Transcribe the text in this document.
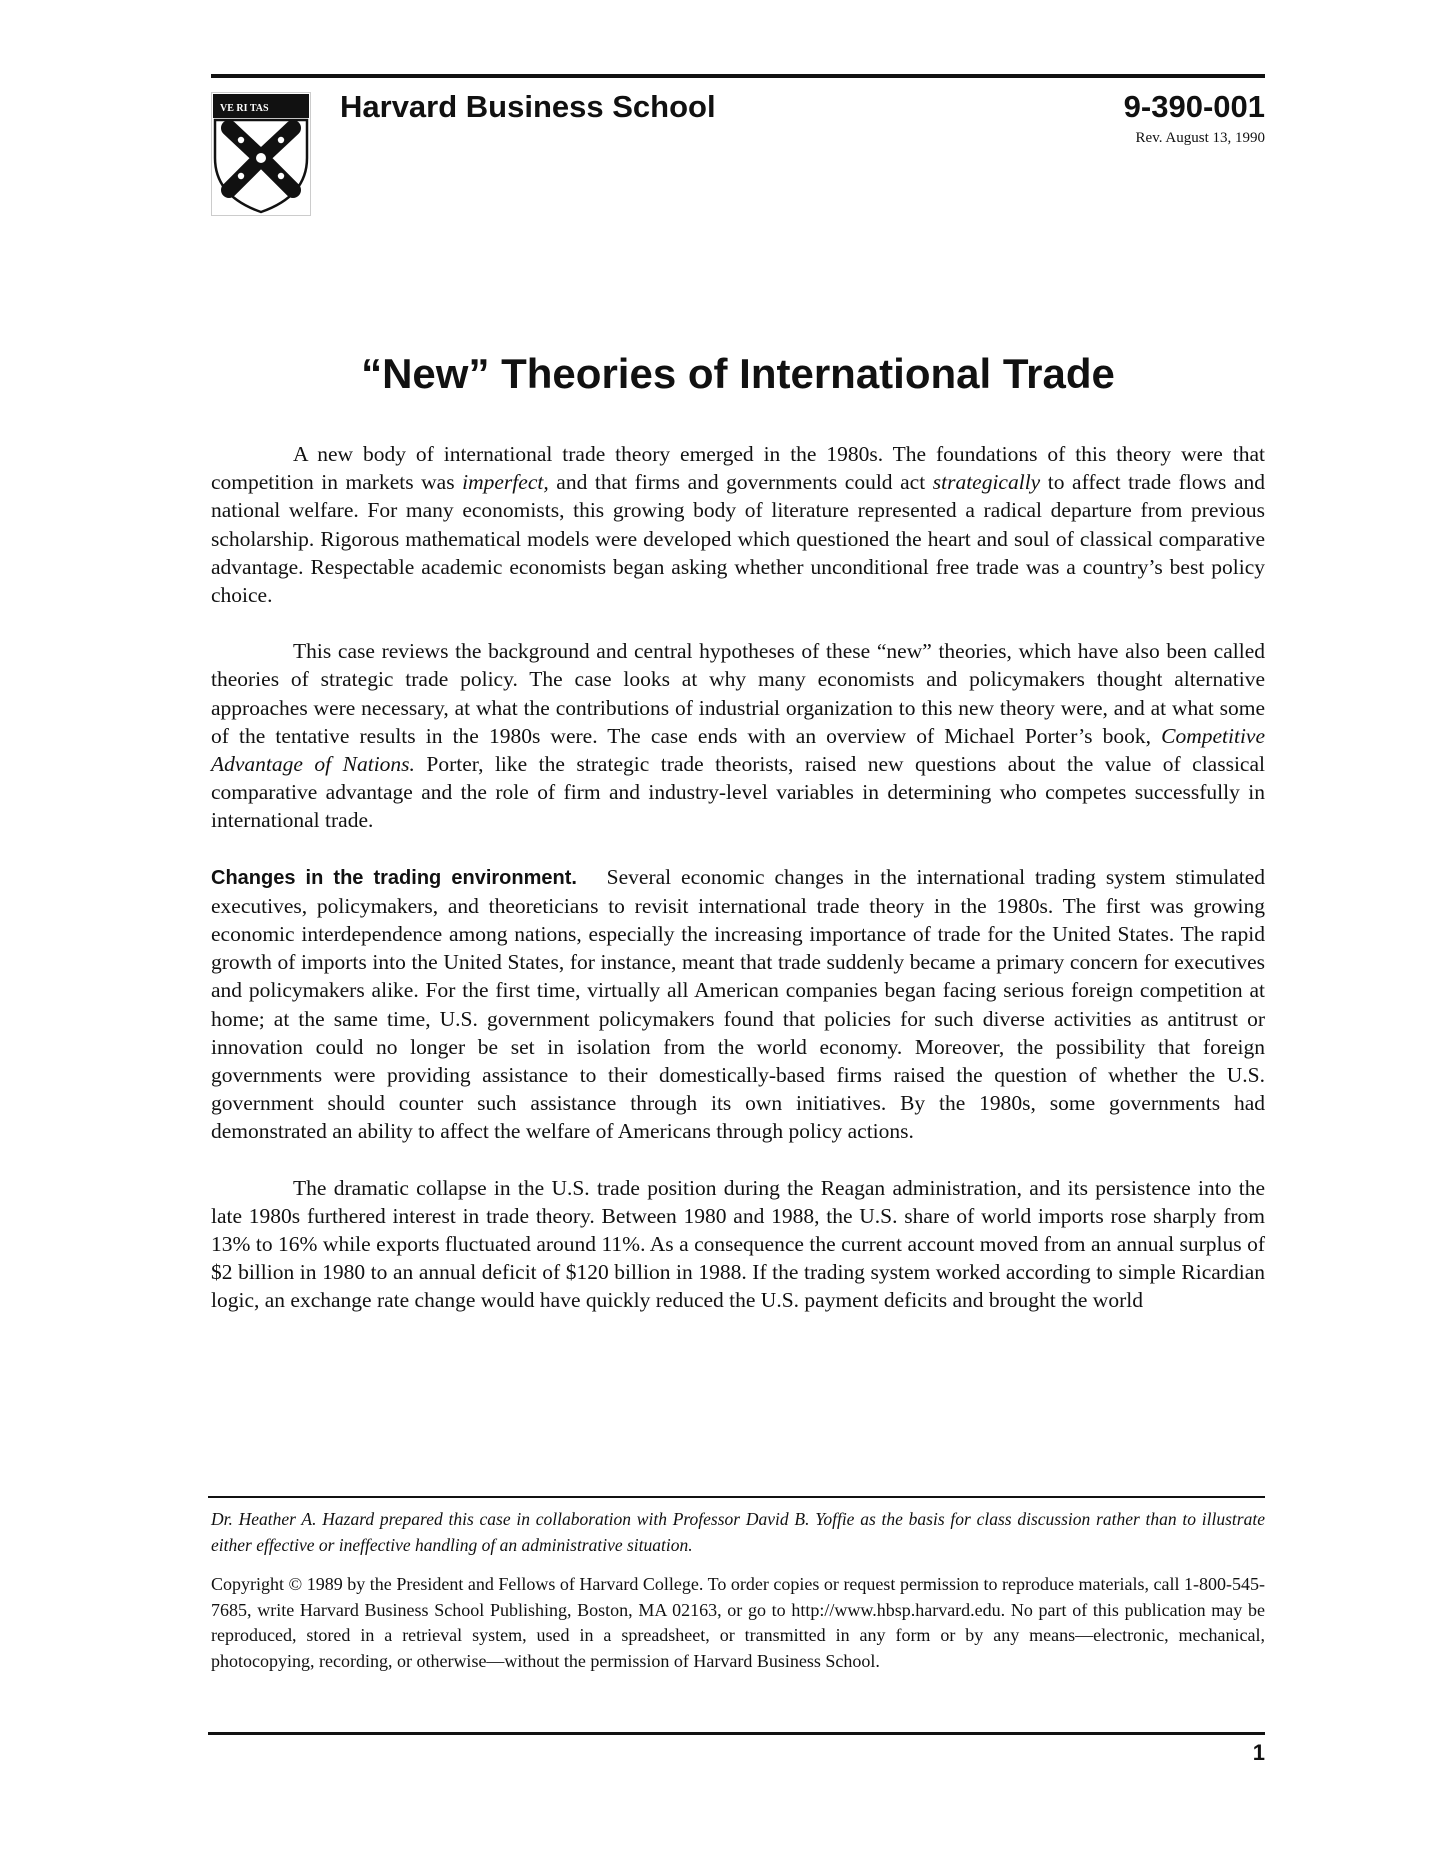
VE RI TAS Harvard Business School	9-390-001
Rev. August 13, 1990
“New” Theories of International Trade

A new body of international trade theory emerged in the 1980s. The foundations of this theory were that competition in markets was imperfect, and that firms and governments could act strategically to affect trade flows and national welfare. For many economists, this growing body of literature represented a radical departure from previous scholarship. Rigorous mathematical models were developed which questioned the heart and soul of classical comparative advantage. Respectable academic economists began asking whether unconditional free trade was a country’s best policy choice.

This case reviews the background and central hypotheses of these “new” theories, which have also been called theories of strategic trade policy. The case looks at why many economists and policymakers thought alternative approaches were necessary, at what the contributions of industrial organization to this new theory were, and at what some of the tentative results in the 1980s were. The case ends with an overview of Michael Porter’s book, Competitive Advantage of Nations. Porter, like the strategic trade theorists, raised new questions about the value of classical comparative advantage and the role of firm and industry-level variables in determining who competes successfully in international trade.

Changes in the trading environment. Several economic changes in the international trading system stimulated executives, policymakers, and theoreticians to revisit international trade theory in the 1980s. The first was growing economic interdependence among nations, especially the increasing importance of trade for the United States. The rapid growth of imports into the United States, for instance, meant that trade suddenly became a primary concern for executives and policymakers alike. For the first time, virtually all American companies began facing serious foreign competition at home; at the same time, U.S. government policymakers found that policies for such diverse activities as antitrust or innovation could no longer be set in isolation from the world economy. Moreover, the possibility that foreign governments were providing assistance to their domestically-based firms raised the question of whether the U.S. government should counter such assistance through its own initiatives. By the 1980s, some governments had demonstrated an ability to affect the welfare of Americans through policy actions.

The dramatic collapse in the U.S. trade position during the Reagan administration, and its persistence into the late 1980s furthered interest in trade theory. Between 1980 and 1988, the U.S. share of world imports rose sharply from 13% to 16% while exports fluctuated around 11%. As a consequence the current account moved from an annual surplus of $2 billion in 1980 to an annual deficit of $120 billion in 1988. If the trading system worked according to simple Ricardian logic, an exchange rate change would have quickly reduced the U.S. payment deficits and brought the world

Dr. Heather A. Hazard prepared this case in collaboration with Professor David B. Yoffie as the basis for class discussion rather than to illustrate either effective or ineffective handling of an administrative situation.
Copyright © 1989 by the President and Fellows of Harvard College. To order copies or request permission to reproduce materials, call 1-800-545-7685, write Harvard Business School Publishing, Boston, MA 02163, or go to http://www.hbsp.harvard.edu. No part of this publication may be reproduced, stored in a retrieval system, used in a spreadsheet, or transmitted in any form or by any means—electronic, mechanical, photocopying, recording, or otherwise—without the permission of Harvard Business School.
1
